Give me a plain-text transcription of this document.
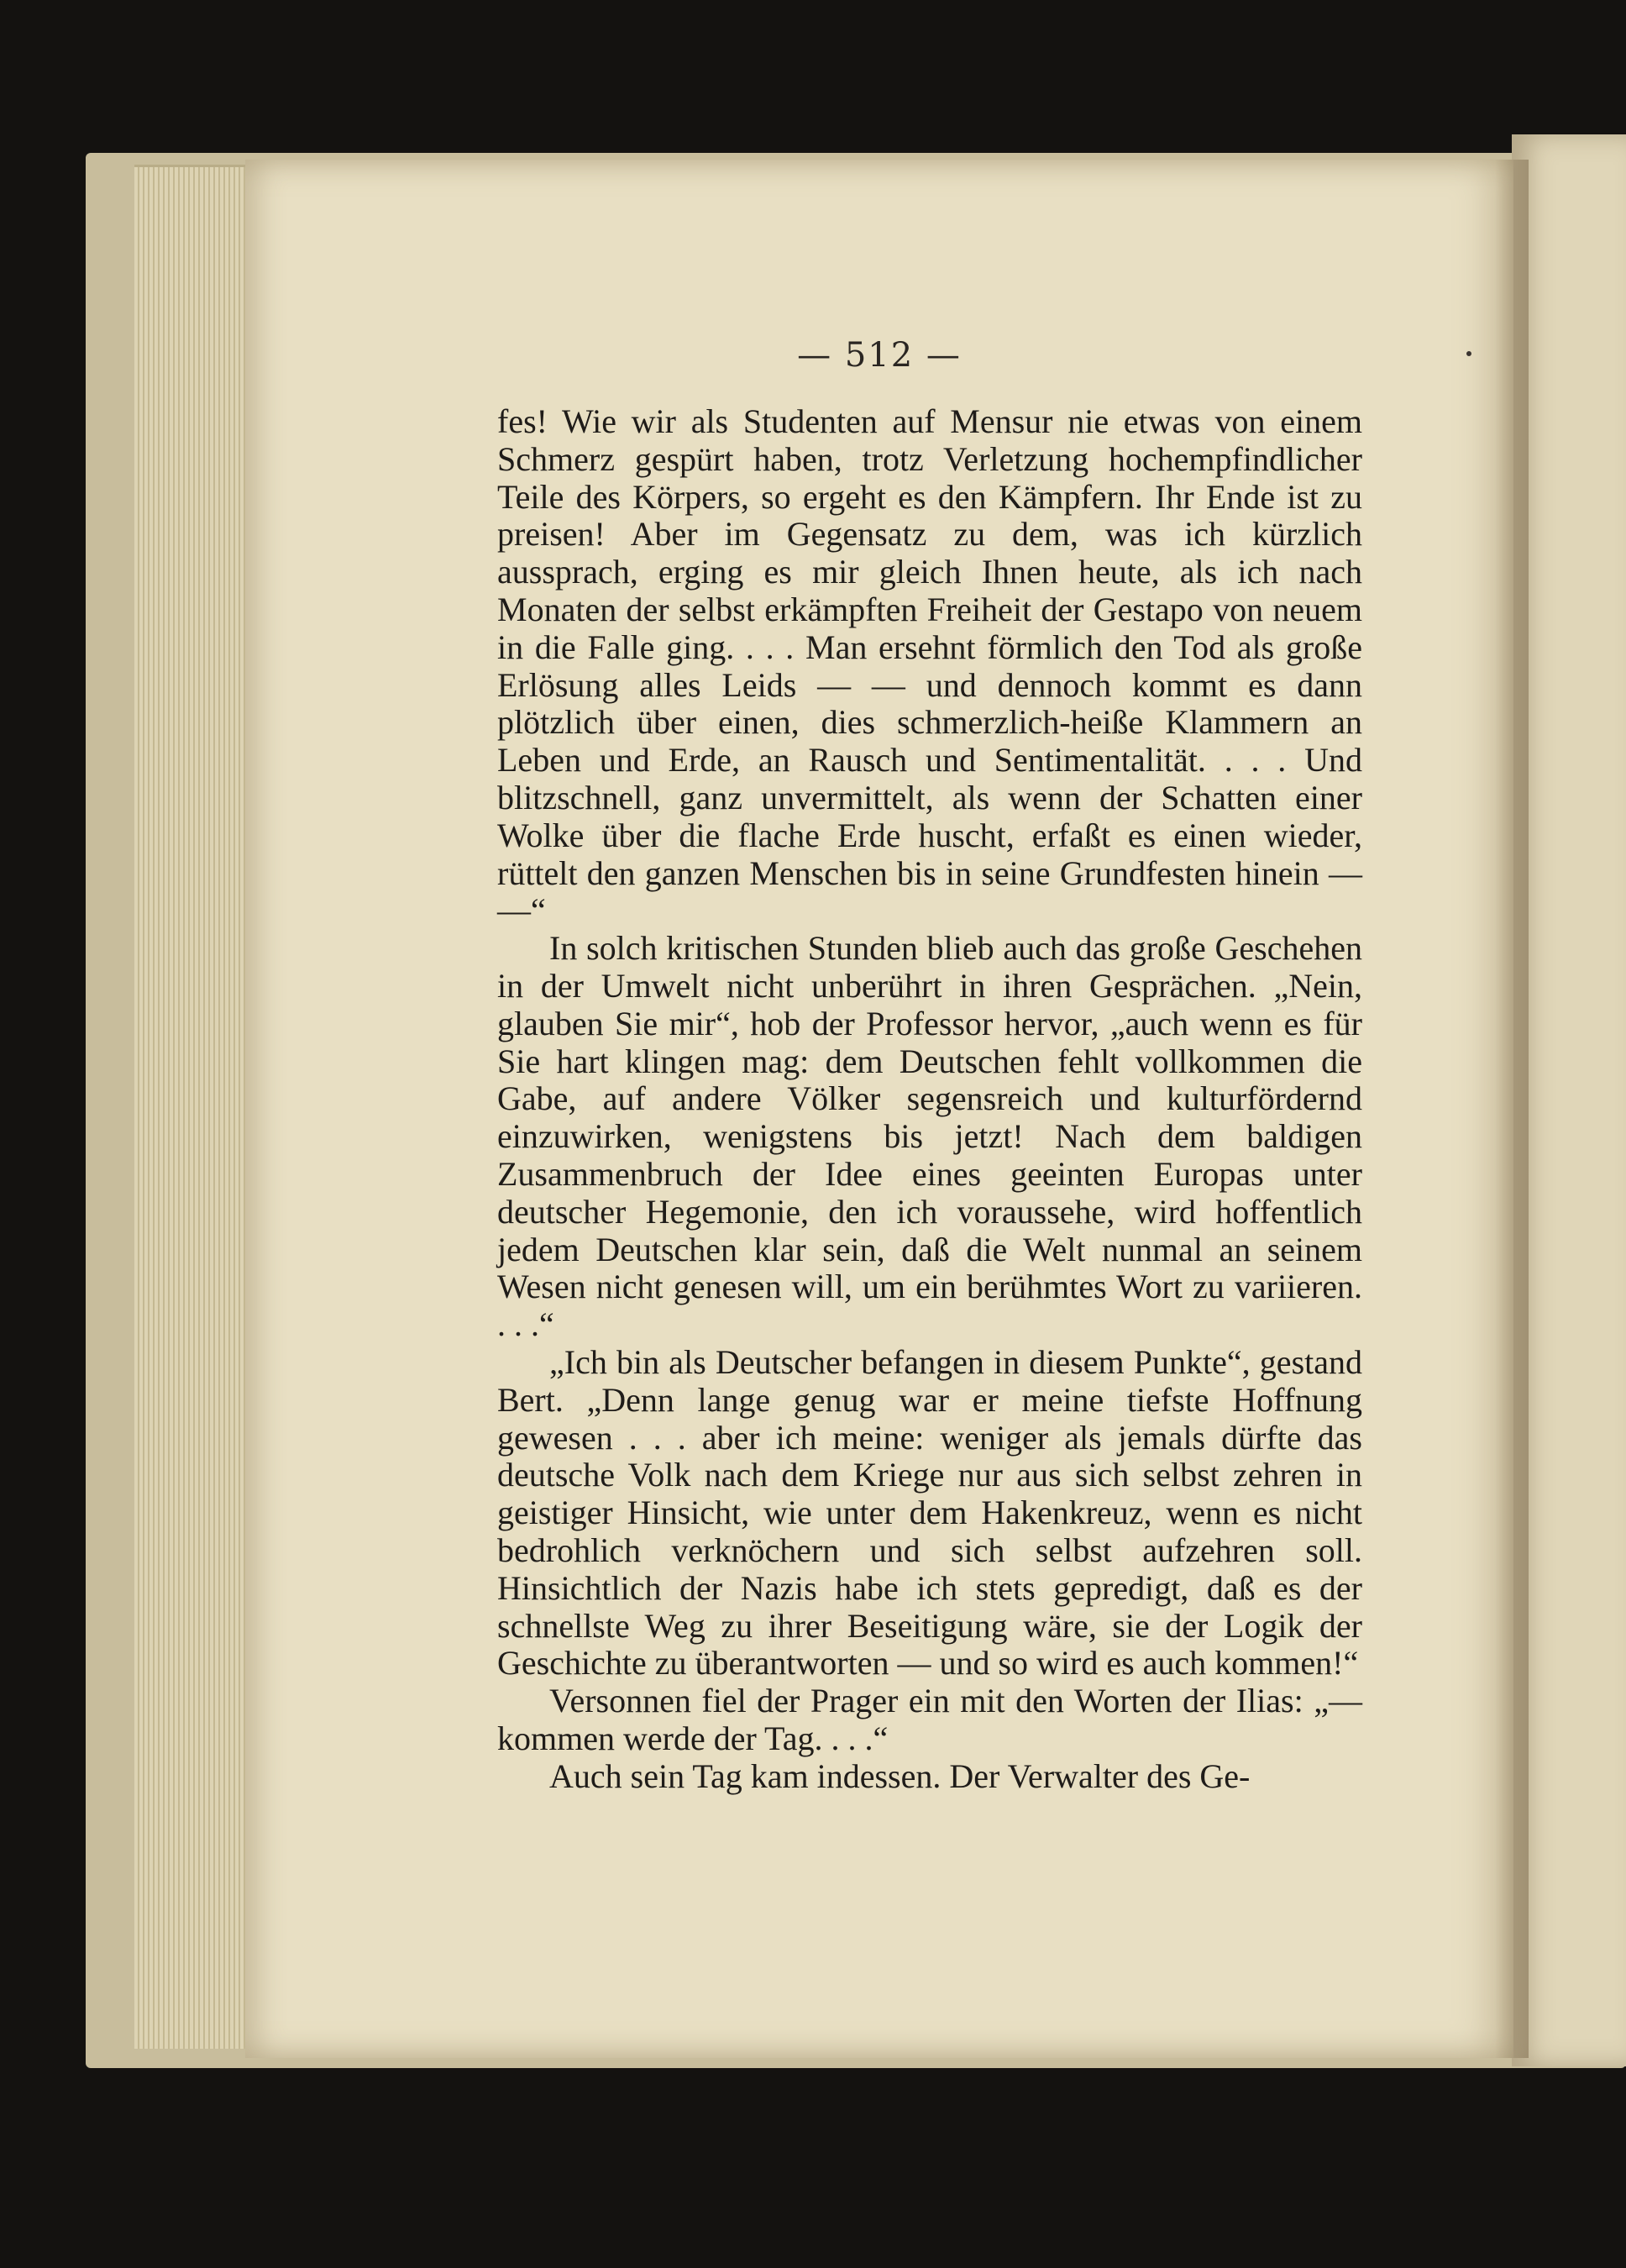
— 512 —

fes! Wie wir als Studenten auf Mensur nie etwas von einem Schmerz gespürt haben, trotz Verletzung hochempfindlicher Teile des Körpers, so ergeht es den Kämpfern. Ihr Ende ist zu preisen! Aber im Gegensatz zu dem, was ich kürzlich aussprach, erging es mir gleich Ihnen heute, als ich nach Monaten der selbst erkämpften Freiheit der Gestapo von neuem in die Falle ging. . . . Man ersehnt förmlich den Tod als große Erlösung alles Leids — — und dennoch kommt es dann plötzlich über einen, dies schmerzlich-heiße Klammern an Leben und Erde, an Rausch und Sentimentalität. . . . Und blitzschnell, ganz unvermittelt, als wenn der Schatten einer Wolke über die flache Erde huscht, erfaßt es einen wieder, rüttelt den ganzen Menschen bis in seine Grundfesten hinein — —“

In solch kritischen Stunden blieb auch das große Geschehen in der Umwelt nicht unberührt in ihren Gesprächen. „Nein, glauben Sie mir“, hob der Professor hervor, „auch wenn es für Sie hart klingen mag: dem Deutschen fehlt vollkommen die Gabe, auf andere Völker segensreich und kulturfördernd einzuwirken, wenigstens bis jetzt! Nach dem baldigen Zusammenbruch der Idee eines geeinten Europas unter deutscher Hegemonie, den ich voraussehe, wird hoffentlich jedem Deutschen klar sein, daß die Welt nunmal an seinem Wesen nicht genesen will, um ein berühmtes Wort zu variieren. . . .“

„Ich bin als Deutscher befangen in diesem Punkte“, gestand Bert. „Denn lange genug war er meine tiefste Hoffnung gewesen . . . aber ich meine: weniger als jemals dürfte das deutsche Volk nach dem Kriege nur aus sich selbst zehren in geistiger Hinsicht, wie unter dem Hakenkreuz, wenn es nicht bedrohlich verknöchern und sich selbst aufzehren soll. Hinsichtlich der Nazis habe ich stets gepredigt, daß es der schnellste Weg zu ihrer Beseitigung wäre, sie der Logik der Geschichte zu überantworten — und so wird es auch kommen!“

Versonnen fiel der Prager ein mit den Worten der Ilias: „— kommen werde der Tag. . . .“

Auch sein Tag kam indessen. Der Verwalter des Ge-
